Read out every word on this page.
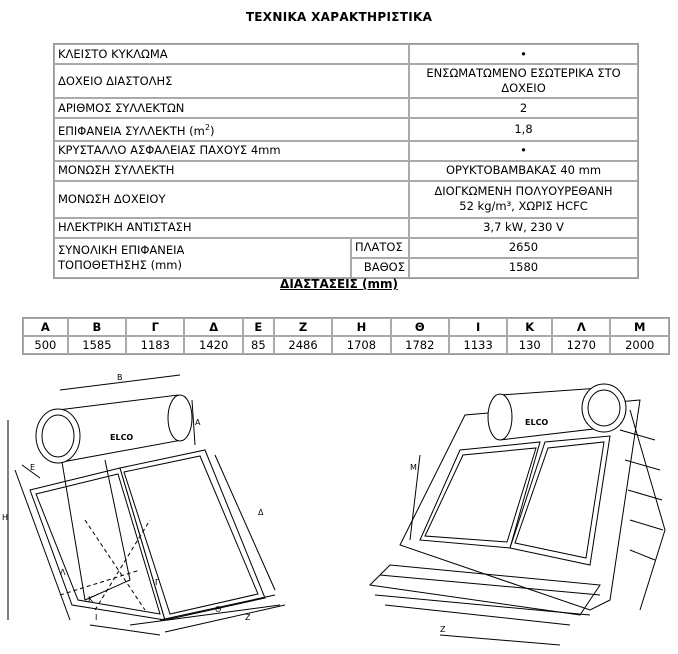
ΤΕΧΝΙΚΑ ΧΑΡΑΚΤΗΡΙΣΤΙΚΑ
ΚΛΕΙΣΤΟ ΚΥΚΛΩΜΑ		•
ΔΟΧΕΙΟ ΔΙΑΣΤΟΛΗΣ		ΕΝΣΩΜΑΤΩΜΕΝΟ ΕΣΩΤΕΡΙΚΑ ΣΤΟ ΔΟΧΕΙΟ
ΑΡΙΘΜΟΣ ΣΥΛΛΕΚΤΩΝ		2
ΕΠΙΦΑΝΕΙΑ ΣΥΛΛΕΚΤΗ $(m^2)$		1,8
ΚΡΥΣΤΑΛΛΟ ΑΣΦΑΛΕΙΑΣ ΠΑΧΟΥΣ 4mm		•
ΜΟΝΩΣΗ ΣΥΛΛΕΚΤΗ		ΟΡΥΚΤΟΒΑΜΒΑΚΑΣ 40 mm
ΜΟΝΩΣΗ ΔΟΧΕΙΟΥ		ΔΙΟΓΚΩΜΕΝΗ ΠΟΛΥΟΥΡΕΘΑΝΗ
52 kg/m³, ΧΩΡΙΣ HCFC

ΗΛΕΚΤΡΙΚΗ ΑΝΤΙΣΤΑΣΗ		3,7 kW, 230 V

ΣΥΝΟΛΙΚΗ ΕΠΙΦΑΝΕΙΑ
ΤΟΠΟΘΕΤΗΣΗΣ (mm)	ΠΛΑΤΟΣ	2650
	ΒΑΘΟΣ	1580
ΔΙΑΣΤΑΣΕΙΣ (mm)
Α	Β	Γ	Δ	Ε	Ζ	Η	Θ	Ι	Κ	Λ	Μ
500	1585	1183	1420	85	2486	1708	1782	1133	130	1270	2000
ELCO
ELCO
Β
Α
Η
Ε
Δ
Λ
Γ
Κ
Ι
Θ
Ζ
Μ
Ζ
